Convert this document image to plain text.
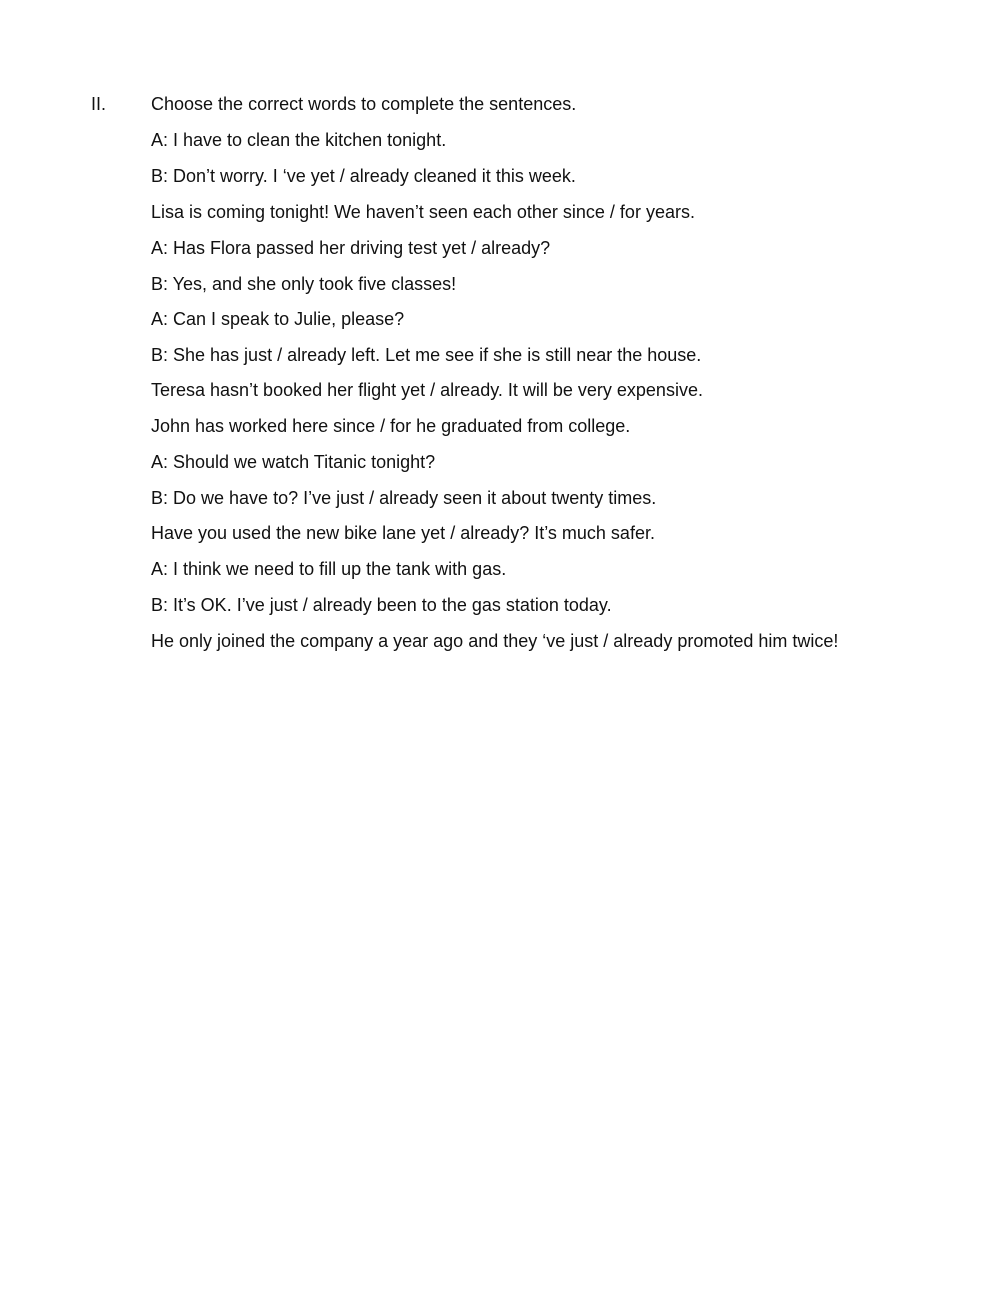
II. Choose the correct words to complete the sentences.
A: I have to clean the kitchen tonight.
B: Don’t worry. I ‘ve yet / already cleaned it this week.
Lisa is coming tonight! We haven’t seen each other since / for years.
A: Has Flora passed her driving test yet / already?
B: Yes, and she only took five classes!
A: Can I speak to Julie, please?
B: She has just / already left. Let me see if she is still near the house.
Teresa hasn’t booked her flight yet / already. It will be very expensive.
John has worked here since / for he graduated from college.
A: Should we watch Titanic tonight?
B: Do we have to? I’ve just / already seen it about twenty times.
Have you used the new bike lane yet / already? It’s much safer.
A: I think we need to fill up the tank with gas.
B: It’s OK. I’ve just / already been to the gas station today.
He only joined the company a year ago and they ‘ve just / already promoted him twice!
